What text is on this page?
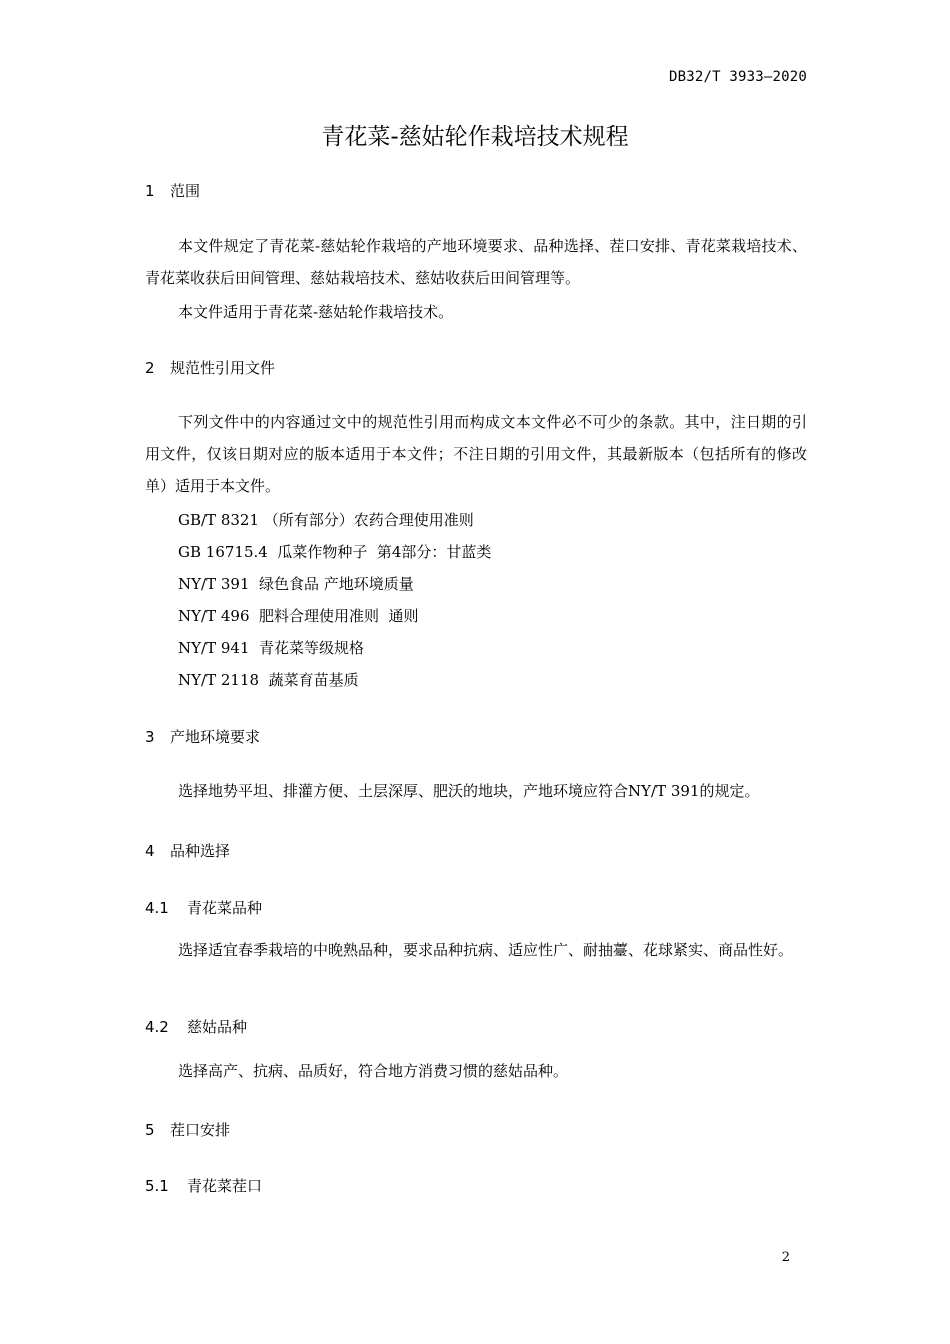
DB32/T 3933—2020
青花菜-慈姑轮作栽培技术规程
1 范围
本文件规定了青花菜-慈姑轮作栽培的产地环境要求、品种选择、茬口安排、青花菜栽培技术、青花菜收获后田间管理、慈姑栽培技术、慈姑收获后田间管理等。
本文件适用于青花菜-慈姑轮作栽培技术。
2 规范性引用文件
下列文件中的内容通过文中的规范性引用而构成文本文件必不可少的条款。其中，注日期的引用文件，仅该日期对应的版本适用于本文件；不注日期的引用文件，其最新版本（包括所有的修改单）适用于本文件。
GB/T 8321 （所有部分）农药合理使用准则
GB 16715.4  瓜菜作物种子  第4部分：甘蓝类
NY/T 391  绿色食品 产地环境质量
NY/T 496  肥料合理使用准则  通则
NY/T 941  青花菜等级规格
NY/T 2118  蔬菜育苗基质
3 产地环境要求
选择地势平坦、排灌方便、土层深厚、肥沃的地块，产地环境应符合NY/T 391的规定。
4 品种选择
4.1 青花菜品种
选择适宜春季栽培的中晚熟品种，要求品种抗病、适应性广、耐抽薹、花球紧实、商品性好。
4.2 慈姑品种
选择高产、抗病、品质好，符合地方消费习惯的慈姑品种。
5 茬口安排
5.1 青花菜茬口
2
